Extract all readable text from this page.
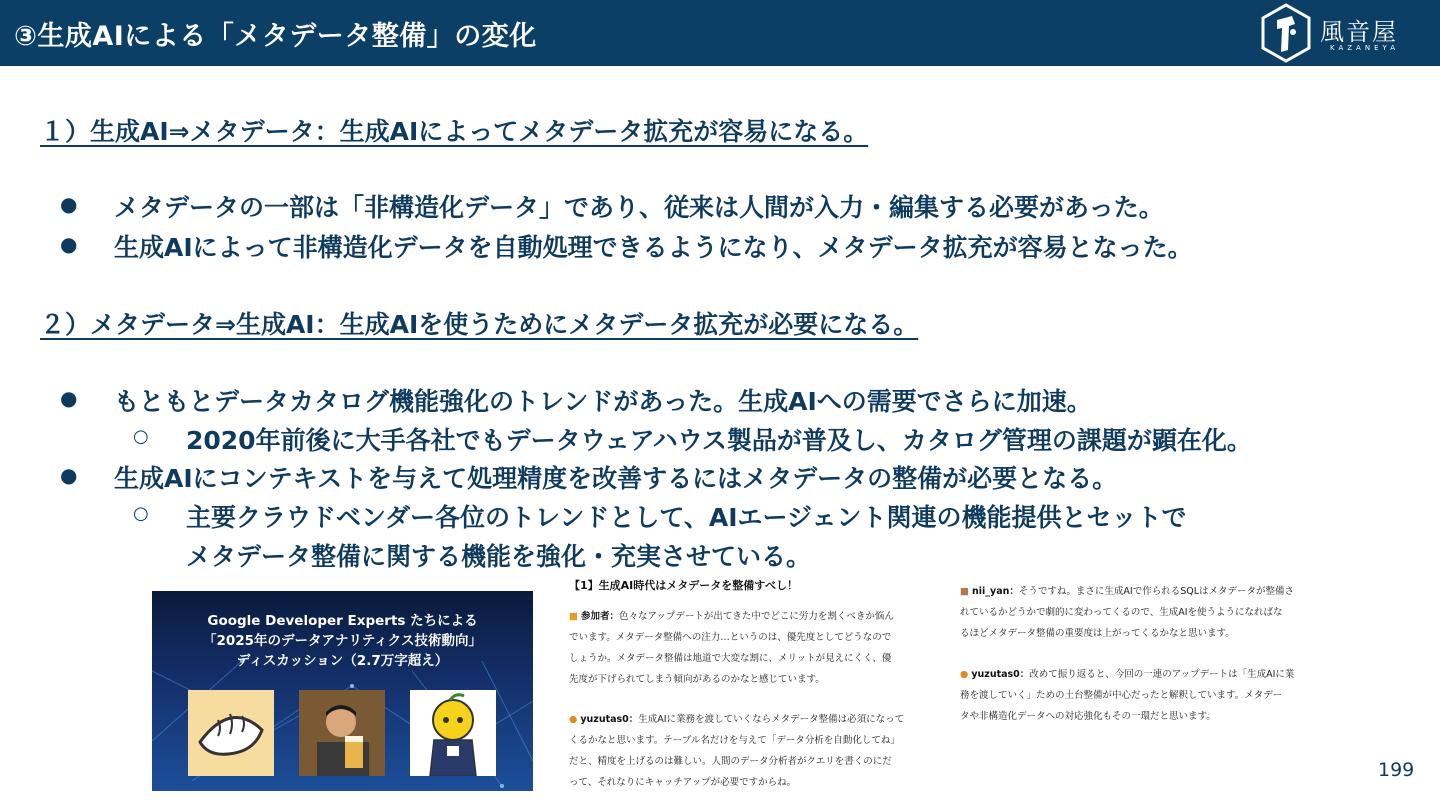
③生成AIによる「メタデータ整備」の変化	風音屋
KAZANEYA
１）生成AI⇒メタデータ：生成AIによってメタデータ拡充が容易になる。
● メタデータの一部は「非構造化データ」であり、従来は人間が入力・編集する必要があった。
● 生成AIによって非構造化データを自動処理できるようになり、メタデータ拡充が容易となった。
２）メタデータ⇒生成AI：生成AIを使うためにメタデータ拡充が必要になる。
● もともとデータカタログ機能強化のトレンドがあった。生成AIへの需要でさらに加速。
○ 2020年前後に大手各社でもデータウェアハウス製品が普及し、カタログ管理の課題が顕在化。
● 生成AIにコンテキストを与えて処理精度を改善するにはメタデータの整備が必要となる。
○ 主要クラウドベンダー各位のトレンドとして、AIエージェント関連の機能提供とセットで
メタデータ整備に関する機能を強化・充実させている。
Google Developer Experts たちによる
「2025年のデータアナリティクス技術動向」
ディスカッション（2.7万字超え）
【1】生成AI時代はメタデータを整備すべし！
■ 参加者：色々なアップデートが出てきた中でどこに労力を割くべきか悩ん
でいます。メタデータ整備への注力…というのは、優先度としてどうなので
しょうか。メタデータ整備は地道で大変な割に、メリットが見えにくく、優
先度が下げられてしまう傾向があるのかなと感じています。
● yuzutas0：生成AIに業務を渡していくならメタデータ整備は必須になって
くるかなと思います。テーブル名だけを与えて「データ分析を自動化してね」
だと、精度を上げるのは難しい。人間のデータ分析者がクエリを書くのにだ
って、それなりにキャッチアップが必要ですからね。
■ nii_yan：そうですね。まさに生成AIで作られるSQLはメタデータが整備さ
れているかどうかで劇的に変わってくるので、生成AIを使うようになればな
るほどメタデータ整備の重要度は上がってくるかなと思います。
● yuzutas0：改めて振り返ると、今回の一連のアップデートは「生成AIに業
務を渡していく」ための土台整備が中心だったと解釈しています。メタデー
タや非構造化データへの対応強化もその一環だと思います。
199
